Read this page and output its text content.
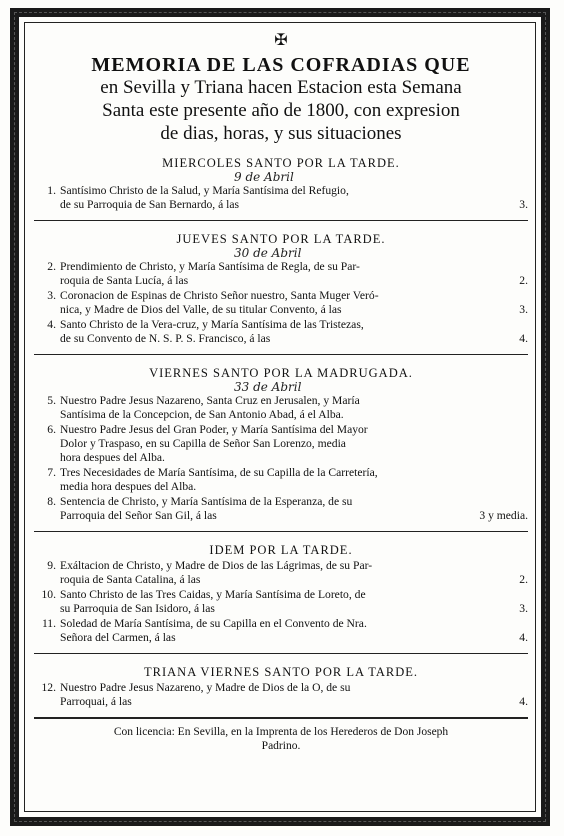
✠
MEMORIA DE LAS COFRADIAS QUE
en Sevilla y Triana hacen Estacion esta Semana
Santa este presente año de 1800, con expresion
de dias, horas, y sus situaciones
MIERCOLES SANTO POR LA TARDE.
9 de Abril
1. Santísimo Christo de la Salud, y María Santísima del Refugio,
de su Parroquia de San Bernardo, á las	3.
JUEVES SANTO POR LA TARDE.
30 de Abril
2. Prendimiento de Christo, y María Santísima de Regla, de su Par-
roquia de Santa Lucía, á las	2.
3. Coronacion de Espinas de Christo Señor nuestro, Santa Muger Veró-
nica, y Madre de Dios del Valle, de su titular Convento, á las	3.
4. Santo Christo de la Vera-cruz, y María Santísima de las Tristezas,
de su Convento de N. S. P. S. Francisco, á las	4.
VIERNES SANTO POR LA MADRUGADA.
33 de Abril
5. Nuestro Padre Jesus Nazareno, Santa Cruz en Jerusalen, y María
Santísima de la Concepcion, de San Antonio Abad, á el Alba.
6. Nuestro Padre Jesus del Gran Poder, y María Santísima del Mayor
Dolor y Traspaso, en su Capilla de Señor San Lorenzo, media
hora despues del Alba.
7. Tres Necesidades de María Santísima, de su Capilla de la Carretería,
media hora despues del Alba.
8. Sentencia de Christo, y María Santísima de la Esperanza, de su
Parroquia del Señor San Gil, á las	3 y media.
IDEM POR LA TARDE.
9. Exáltacion de Christo, y Madre de Dios de las Lágrimas, de su Par-
roquia de Santa Catalina, á las	2.
10. Santo Christo de las Tres Caidas, y María Santísima de Loreto, de
su Parroquia de San Isidoro, á las	3.
11. Soledad de María Santísima, de su Capilla en el Convento de Nra.
Señora del Carmen, á las	4.
TRIANA VIERNES SANTO POR LA TARDE.
12. Nuestro Padre Jesus Nazareno, y Madre de Dios de la O, de su
Parroquai, á las	4.
Con licencia: En Sevilla, en la Imprenta de los Herederos de Don Joseph
Padrino.
